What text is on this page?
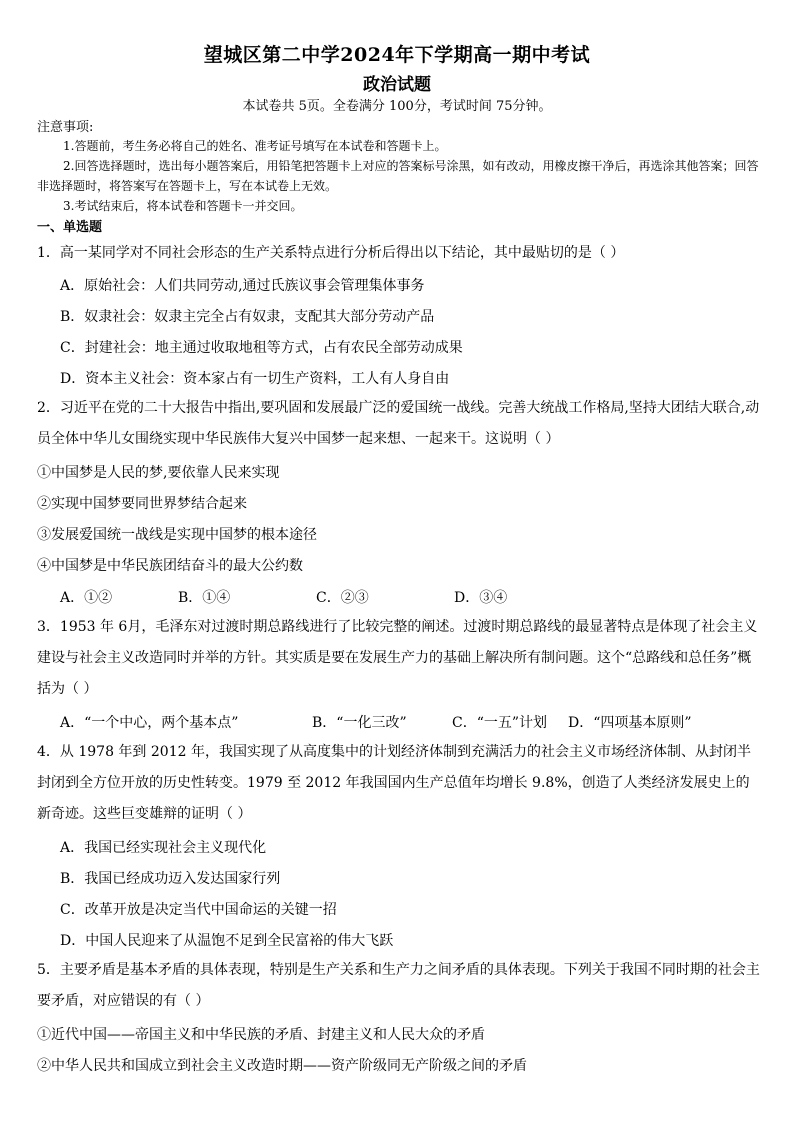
望城区第二中学2024年下学期高一期中考试
政治试题
本试卷共 5页。全卷满分 100分，考试时间 75分钟。
注意事项:
1.答题前，考生务必将自己的姓名、准考证号填写在本试卷和答题卡上。
2.回答选择题时，选出每小题答案后，用铅笔把答题卡上对应的答案标号涂黑，如有改动，用橡皮擦干净后，再选涂其他答案；回答非选择题时，将答案写在答题卡上，写在本试卷上无效。
3.考试结束后，将本试卷和答题卡一并交回。
一、单选题
1．高一某同学对不同社会形态的生产关系特点进行分析后得出以下结论，其中最贴切的是（ ）
A．原始社会：人们共同劳动,通过氏族议事会管理集体事务
B．奴隶社会：奴隶主完全占有奴隶，支配其大部分劳动产品
C．封建社会：地主通过收取地租等方式，占有农民全部劳动成果
D．资本主义社会：资本家占有一切生产资料，工人有人身自由
2．习近平在党的二十大报告中指出,要巩固和发展最广泛的爱国统一战线。完善大统战工作格局,坚持大团结大联合,动员全体中华儿女围绕实现中华民族伟大复兴中国梦一起来想、一起来干。这说明（ ）
①中国梦是人民的梦,要依靠人民来实现
②实现中国梦要同世界梦结合起来
③发展爱国统一战线是实现中国梦的根本途径
④中国梦是中华民族团结奋斗的最大公约数
A．①②	B．①④	C．②③	D．③④
3．1953 年 6月，毛泽东对过渡时期总路线进行了比较完整的阐述。过渡时期总路线的最显著特点是体现了社会主义建设与社会主义改造同时并举的方针。其实质是要在发展生产力的基础上解决所有制问题。这个“总路线和总任务”概括为（ ）
A．“一个中心，两个基本点”	B．“一化三改”	C．“一五”计划 D．“四项基本原则”
4．从 1978 年到 2012 年，我国实现了从高度集中的计划经济体制到充满活力的社会主义市场经济体制、从封闭半封闭到全方位开放的历史性转变。1979 至 2012 年我国国内生产总值年均增长 9.8%，创造了人类经济发展史上的新奇迹。这些巨变雄辩的证明（ ）
A．我国已经实现社会主义现代化
B．我国已经成功迈入发达国家行列
C．改革开放是决定当代中国命运的关键一招
D．中国人民迎来了从温饱不足到全民富裕的伟大飞跃
5．主要矛盾是基本矛盾的具体表现，特别是生产关系和生产力之间矛盾的具体表现。下列关于我国不同时期的社会主要矛盾，对应错误的有（ ）
①近代中国——帝国主义和中华民族的矛盾、封建主义和人民大众的矛盾
②中华人民共和国成立到社会主义改造时期——资产阶级同无产阶级之间的矛盾
